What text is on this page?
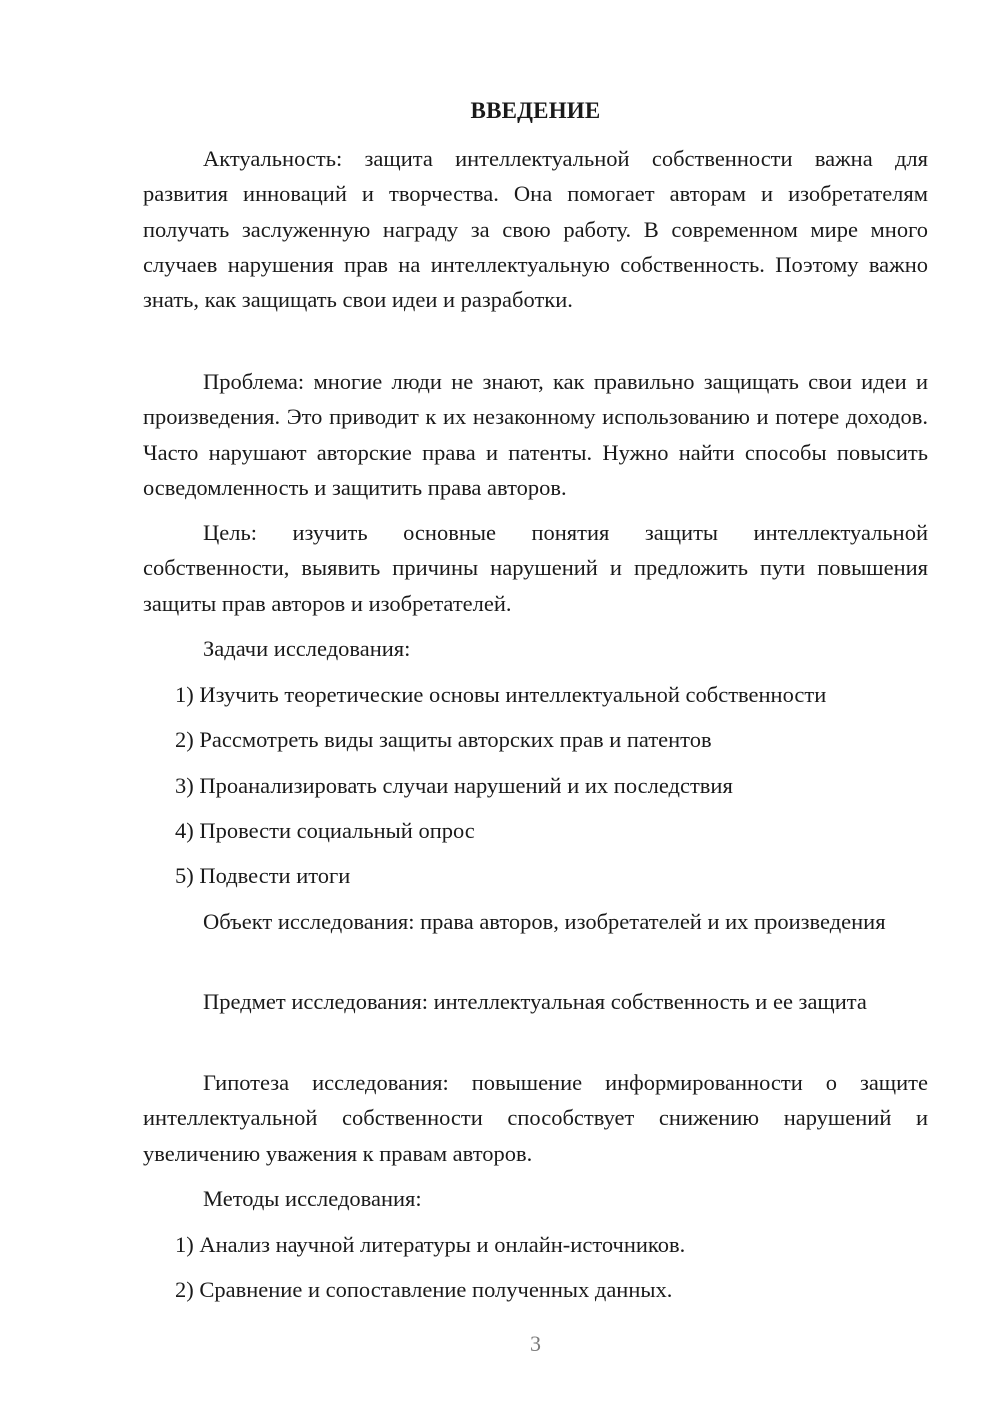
ВВЕДЕНИЕ

Актуальность: защита интеллектуальной собственности важна для развития инноваций и творчества. Она помогает авторам и изобретателям получать заслуженную награду за свою работу. В современном мире много случаев нарушения прав на интеллектуальную собственность. Поэтому важно знать, как защищать свои идеи и разработки.

Проблема: многие люди не знают, как правильно защищать свои идеи и произведения. Это приводит к их незаконному использованию и потере доходов. Часто нарушают авторские права и патенты. Нужно найти способы повысить осведомленность и защитить права авторов.

Цель: изучить основные понятия защиты интеллектуальной собственности, выявить причины нарушений и предложить пути повышения защиты прав авторов и изобретателей.

Задачи исследования:

1) Изучить теоретические основы интеллектуальной собственности

2) Рассмотреть виды защиты авторских прав и патентов

3) Проанализировать случаи нарушений и их последствия

4) Провести социальный опрос

5) Подвести итоги

Объект исследования: права авторов, изобретателей и их произведения

Предмет исследования: интеллектуальная собственность и ее защита

Гипотеза исследования: повышение информированности о защите интеллектуальной собственности способствует снижению нарушений и увеличению уважения к правам авторов.

Методы исследования:

1) Анализ научной литературы и онлайн-источников.

2) Сравнение и сопоставление полученных данных.

3
